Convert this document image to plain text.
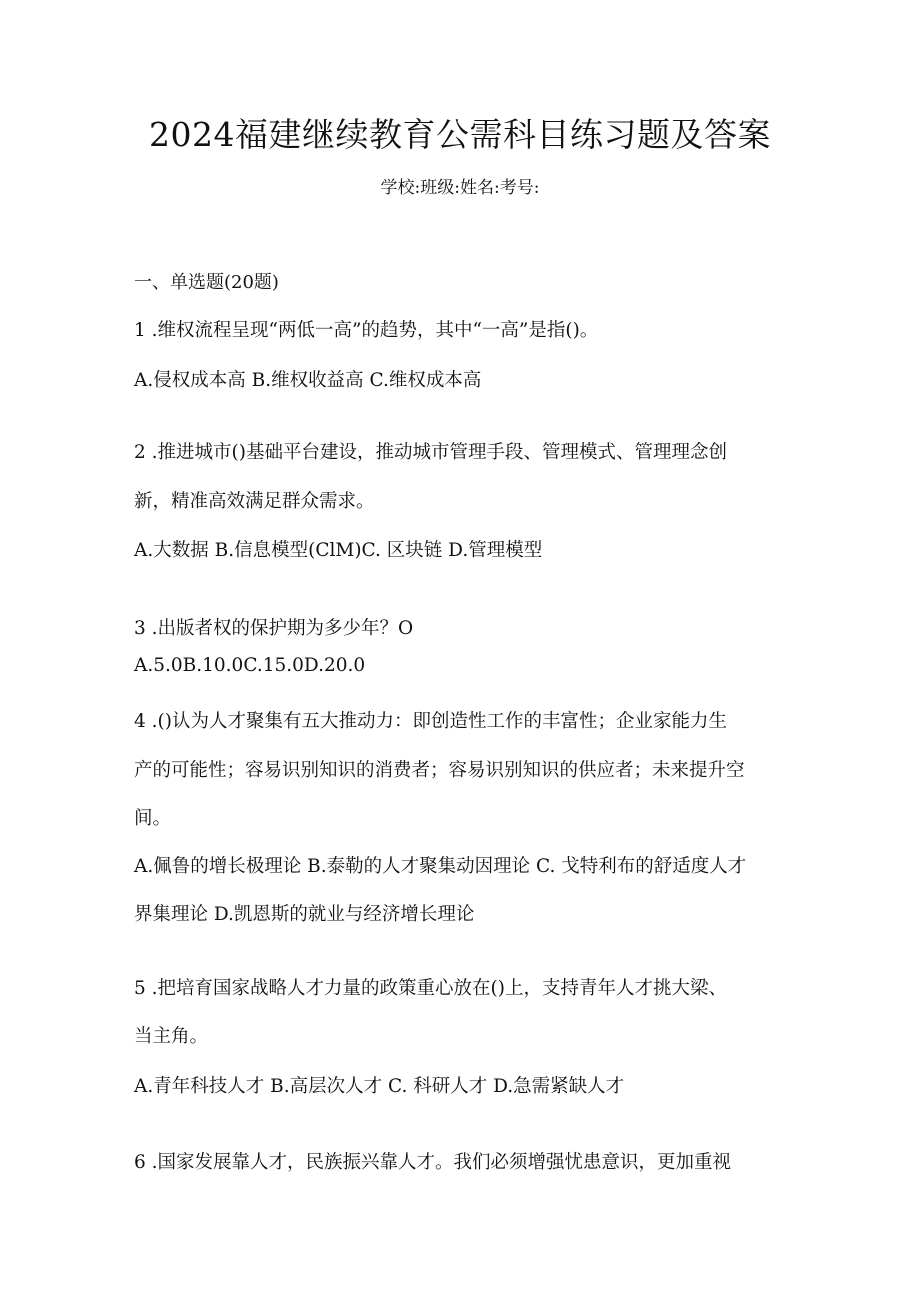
2024福建继续教育公需科目练习题及答案
学校:班级:姓名:考号:
一、单选题(20题)
1 .维权流程呈现“两低一高”的趋势，其中“一高”是指()。
A.侵权成本高 B.维权收益高 C.维权成本高
2 .推进城市()基础平台建设，推动城市管理手段、管理模式、管理理念创
新，精准高效满足群众需求。
A.大数据 B.信息模型(ClM)C. 区块链 D.管理模型
3 .出版者权的保护期为多少年？O
A.5.0B.10.0C.15.0D.20.0
4 .()认为人才聚集有五大推动力：即创造性工作的丰富性；企业家能力生
产的可能性；容易识别知识的消费者；容易识别知识的供应者；未来提升空
间。
A.佩鲁的增长极理论 B.泰勒的人才聚集动因理论 C. 戈特利布的舒适度人才
界集理论 D.凯恩斯的就业与经济增长理论
5 .把培育国家战略人才力量的政策重心放在()上，支持青年人才挑大梁、
当主角。
A.青年科技人才 B.高层次人才 C. 科研人才 D.急需紧缺人才
6 .国家发展靠人才，民族振兴靠人才。我们必须增强忧患意识，更加重视
